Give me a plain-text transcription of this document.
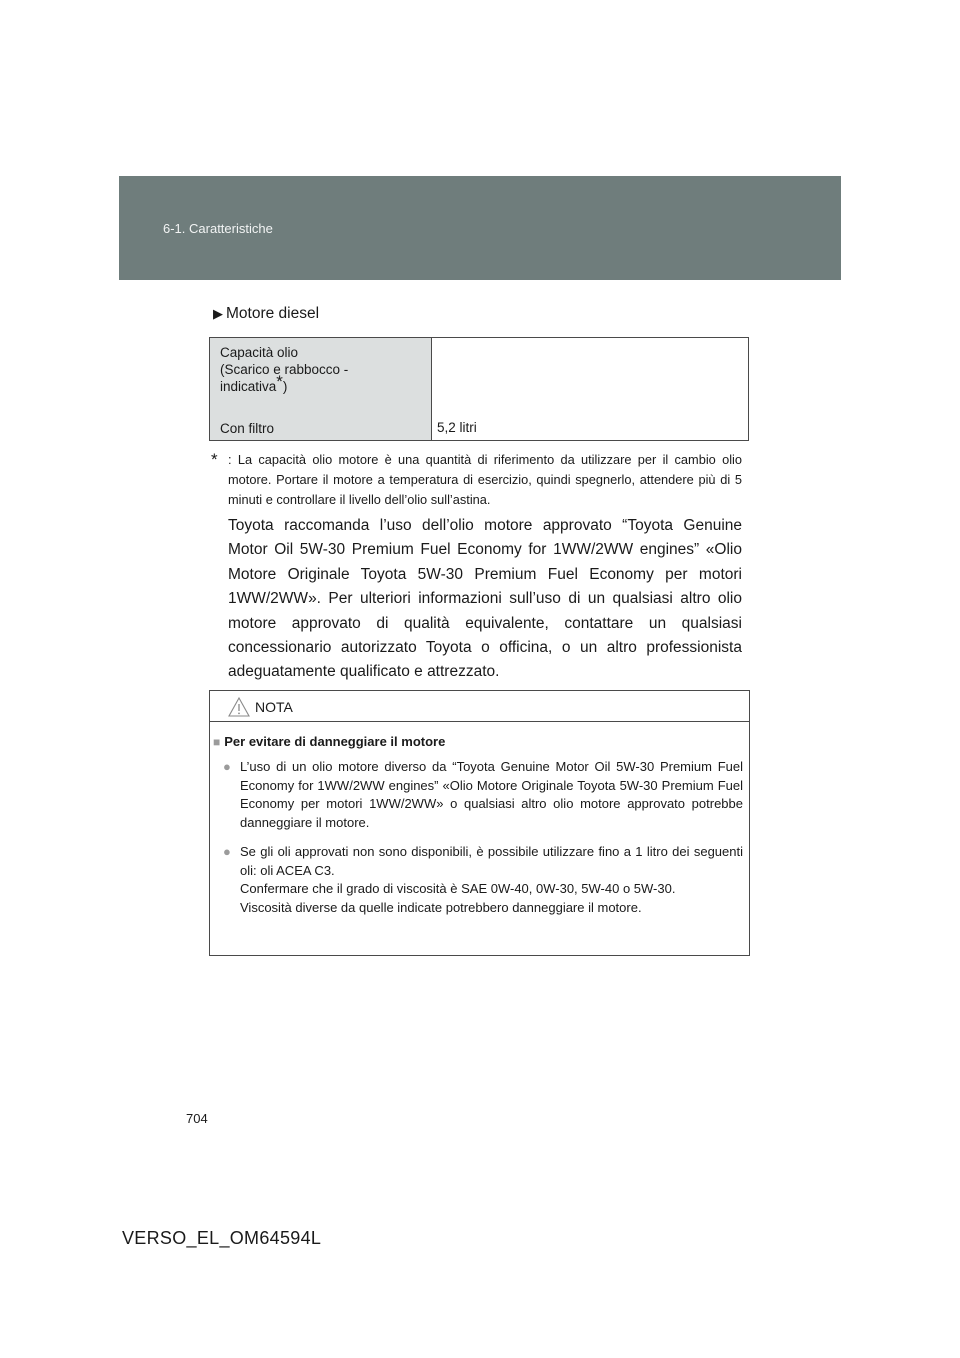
6-1. Caratteristiche
▶ Motore diesel
Capacità olio
(Scarico e rabbocco -
indicativa*)
Con filtro	5,2 litri
* : La capacità olio motore è una quantità di riferimento da utilizzare per il cambio olio motore. Portare il motore a temperatura di esercizio, quindi spegnerlo, attendere più di 5 minuti e controllare il livello dell’olio sull’astina.
Toyota raccomanda l’uso dell’olio motore approvato “Toyota Genuine Motor Oil 5W-30 Premium Fuel Economy for 1WW/2WW engines” «Olio Motore Originale Toyota 5W-30 Premium Fuel Economy per motori 1WW/2WW». Per ulteriori informazioni sull’uso di un qualsiasi altro olio motore approvato di qualità equivalente, contattare un qualsiasi concessionario autorizzato Toyota o officina, o un altro professionista adeguatamente qualificato e attrezzato.
NOTA
■ Per evitare di danneggiare il motore
● L’uso di un olio motore diverso da “Toyota Genuine Motor Oil 5W-30 Premium Fuel Economy for 1WW/2WW engines” «Olio Motore Originale Toyota 5W-30 Premium Fuel Economy per motori 1WW/2WW» o qualsiasi altro olio motore approvato potrebbe danneggiare il motore.
● Se gli oli approvati non sono disponibili, è possibile utilizzare fino a 1 litro dei seguenti oli: oli ACEA C3.
Confermare che il grado di viscosità è SAE 0W-40, 0W-30, 5W-40 o 5W-30.
Viscosità diverse da quelle indicate potrebbero danneggiare il motore.
704
VERSO_EL_OM64594L
